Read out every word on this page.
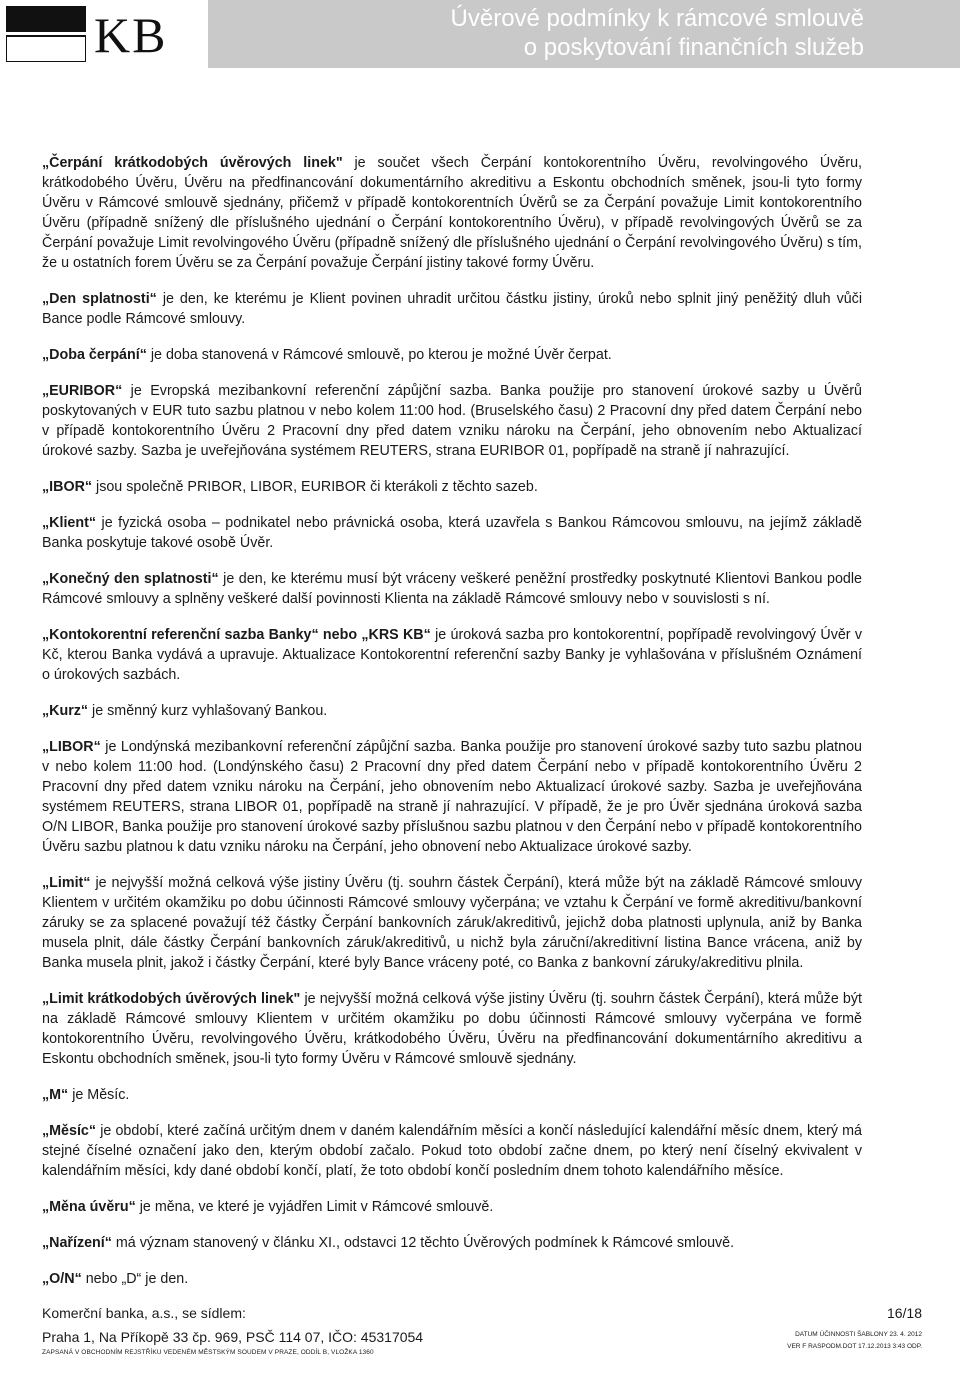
KB	Úvěrové podmínky k rámcové smlouvě
o poskytování finančních služeb

„Čerpání krátkodobých úvěrových linek" je součet všech Čerpání kontokorentního Úvěru, revolvingového Úvěru, krátkodobého Úvěru, Úvěru na předfinancování dokumentárního akreditivu a Eskontu obchodních směnek, jsou-li tyto formy Úvěru v Rámcové smlouvě sjednány, přičemž v případě kontokorentních Úvěrů se za Čerpání považuje Limit kontokorentního Úvěru (případně snížený dle příslušného ujednání o Čerpání kontokorentního Úvěru), v případě revolvingových Úvěrů se za Čerpání považuje Limit revolvingového Úvěru (případně snížený dle příslušného ujednání o Čerpání revolvingového Úvěru) s tím, že u ostatních forem Úvěru se za Čerpání považuje Čerpání jistiny takové formy Úvěru.

„Den splatnosti“ je den, ke kterému je Klient povinen uhradit určitou částku jistiny, úroků nebo splnit jiný peněžitý dluh vůči Bance podle Rámcové smlouvy.

„Doba čerpání“ je doba stanovená v Rámcové smlouvě, po kterou je možné Úvěr čerpat.

„EURIBOR“ je Evropská mezibankovní referenční zápůjční sazba. Banka použije pro stanovení úrokové sazby u Úvěrů poskytovaných v EUR tuto sazbu platnou v nebo kolem 11:00 hod. (Bruselského času) 2 Pracovní dny před datem Čerpání nebo v případě kontokorentního Úvěru 2 Pracovní dny před datem vzniku nároku na Čerpání, jeho obnovením nebo Aktualizací úrokové sazby. Sazba je uveřejňována systémem REUTERS, strana EURIBOR 01, popřípadě na straně jí nahrazující.

„IBOR“ jsou společně PRIBOR, LIBOR, EURIBOR či kterákoli z těchto sazeb.

„Klient“ je fyzická osoba – podnikatel nebo právnická osoba, která uzavřela s Bankou Rámcovou smlouvu, na jejímž základě Banka poskytuje takové osobě Úvěr.

„Konečný den splatnosti“ je den, ke kterému musí být vráceny veškeré peněžní prostředky poskytnuté Klientovi Bankou podle Rámcové smlouvy a splněny veškeré další povinnosti Klienta na základě Rámcové smlouvy nebo v souvislosti s ní.

„Kontokorentní referenční sazba Banky“ nebo „KRS KB“ je úroková sazba pro kontokorentní, popřípadě revolvingový Úvěr v Kč, kterou Banka vydává a upravuje. Aktualizace Kontokorentní referenční sazby Banky je vyhlašována v příslušném Oznámení o úrokových sazbách.

„Kurz“ je směnný kurz vyhlašovaný Bankou.

„LIBOR“ je Londýnská mezibankovní referenční zápůjční sazba. Banka použije pro stanovení úrokové sazby tuto sazbu platnou v nebo kolem 11:00 hod. (Londýnského času) 2 Pracovní dny před datem Čerpání nebo v případě kontokorentního Úvěru 2 Pracovní dny před datem vzniku nároku na Čerpání, jeho obnovením nebo Aktualizací úrokové sazby. Sazba je uveřejňována systémem REUTERS, strana LIBOR 01, popřípadě na straně jí nahrazující. V případě, že je pro Úvěr sjednána úroková sazba O/N LIBOR, Banka použije pro stanovení úrokové sazby příslušnou sazbu platnou v den Čerpání nebo v případě kontokorentního Úvěru sazbu platnou k datu vzniku nároku na Čerpání, jeho obnovení nebo Aktualizace úrokové sazby.

„Limit“ je nejvyšší možná celková výše jistiny Úvěru (tj. souhrn částek Čerpání), která může být na základě Rámcové smlouvy Klientem v určitém okamžiku po dobu účinnosti Rámcové smlouvy vyčerpána; ve vztahu k Čerpání ve formě akreditivu/bankovní záruky se za splacené považují též částky Čerpání bankovních záruk/akreditivů, jejichž doba platnosti uplynula, aniž by Banka musela plnit, dále částky Čerpání bankovních záruk/akreditivů, u nichž byla záruční/akreditivní listina Bance vrácena, aniž by Banka musela plnit, jakož i částky Čerpání, které byly Bance vráceny poté, co Banka z bankovní záruky/akreditivu plnila.

„Limit krátkodobých úvěrových linek" je nejvyšší možná celková výše jistiny Úvěru (tj. souhrn částek Čerpání), která může být na základě Rámcové smlouvy Klientem v určitém okamžiku po dobu účinnosti Rámcové smlouvy vyčerpána ve formě kontokorentního Úvěru, revolvingového Úvěru, krátkodobého Úvěru, Úvěru na předfinancování dokumentárního akreditivu a Eskontu obchodních směnek, jsou-li tyto formy Úvěru v Rámcové smlouvě sjednány.

„M“ je Měsíc.

„Měsíc“ je období, které začíná určitým dnem v daném kalendářním měsíci a končí následující kalendářní měsíc dnem, který má stejné číselné označení jako den, kterým období začalo. Pokud toto období začne dnem, po který není číselný ekvivalent v kalendářním měsíci, kdy dané období končí, platí, že toto období končí posledním dnem tohoto kalendářního měsíce.

„Měna úvěru“ je měna, ve které je vyjádřen Limit v Rámcové smlouvě.

„Nařízení“ má význam stanovený v článku XI., odstavci 12 těchto Úvěrových podmínek k Rámcové smlouvě.

„O/N“ nebo „D“ je den.

Komerční banka, a.s., se sídlem:	16/18
Praha 1, Na Příkopě 33 čp. 969, PSČ 114 07, IČO: 45317054
ZAPSANÁ V OBCHODNÍM REJSTŘÍKU VEDENÉM MĚSTSKÝM SOUDEM V PRAZE, ODDÍL B, VLOŽKA 1360
DATUM ÚČINNOSTI ŠABLONY 23. 4. 2012
VER F RASPODM.DOT 17.12.2013 3:43 ODP.
